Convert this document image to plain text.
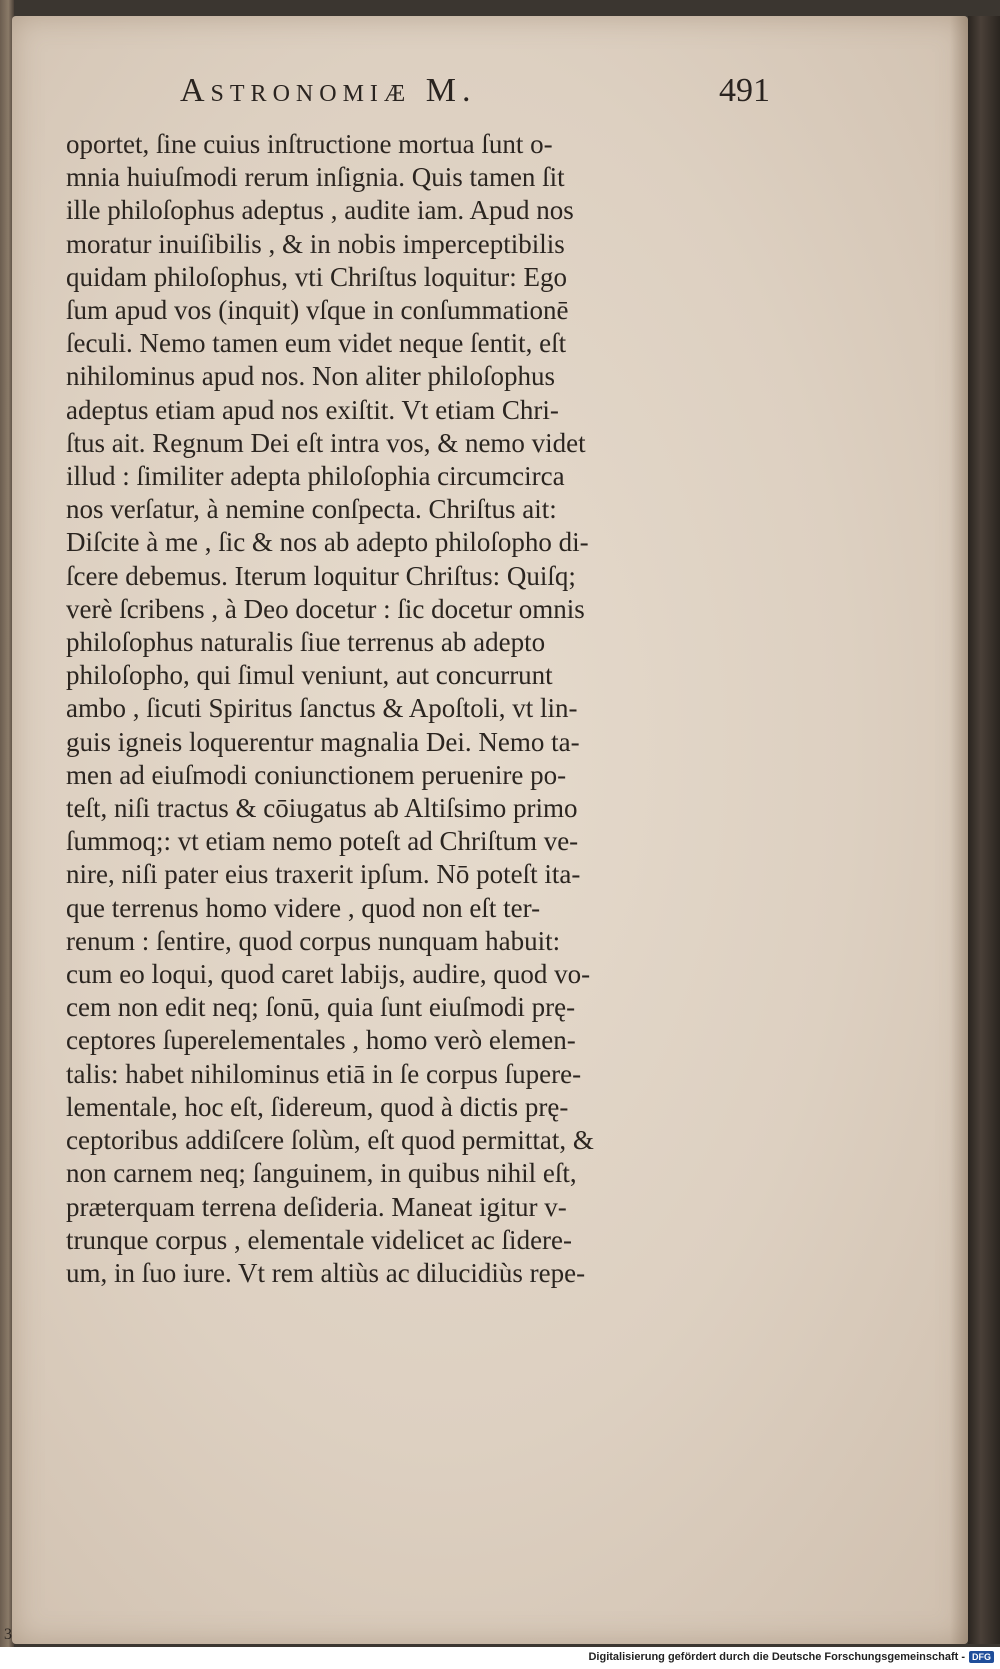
Astronomiæ M.	491
oportet, ſine cuius inſtructione mortua ſunt o-
mnia huiuſmodi rerum inſignia. Quis tamen ſit
ille philoſophus adeptus , audite iam. Apud nos
moratur inuiſibilis , & in nobis imperceptibilis
quidam philoſophus, vti Chriſtus loquitur: Ego
ſum apud vos (inquit) vſque in conſummationē
ſeculi. Nemo tamen eum videt neque ſentit, eſt
nihilominus apud nos. Non aliter philoſophus
adeptus etiam apud nos exiſtit. Vt etiam Chri-
ſtus ait. Regnum Dei eſt intra vos, & nemo videt
illud : ſimiliter adepta philoſophia circumcirca
nos verſatur, à nemine conſpecta. Chriſtus ait:
Diſcite à me , ſic & nos ab adepto philoſopho di-
ſcere debemus. Iterum loquitur Chriſtus: Quiſq;
verè ſcribens , à Deo docetur : ſic docetur omnis
philoſophus naturalis ſiue terrenus ab adepto
philoſopho, qui ſimul veniunt, aut concurrunt
ambo , ſicuti Spiritus ſanctus & Apoſtoli, vt lin-
guis igneis loquerentur magnalia Dei. Nemo ta-
men ad eiuſmodi coniunctionem peruenire po-
teſt, niſi tractus & cōiugatus ab Altiſsimo primo
ſummoq;: vt etiam nemo poteſt ad Chriſtum ve-
nire, niſi pater eius traxerit ipſum. Nō poteſt ita-
que terrenus homo videre , quod non eſt ter-
renum : ſentire, quod corpus nunquam habuit:
cum eo loqui, quod caret labijs, audire, quod vo-
cem non edit neq; ſonū, quia ſunt eiuſmodi prę-
ceptores ſuperelementales , homo verò elemen-
talis: habet nihilominus etiā in ſe corpus ſupere-
lementale, hoc eſt, ſidereum, quod à dictis prę-
ceptoribus addiſcere ſolùm, eſt quod permittat, &
non carnem neq; ſanguinem, in quibus nihil eſt,
præterquam terrena deſideria. Maneat igitur v-
trunque corpus , elementale videlicet ac ſidere-
um, in ſuo iure. Vt rem altiùs ac dilucidiùs repe-
3
Digitalisierung gefördert durch die Deutsche Forschungsgemeinschaft - DFG
